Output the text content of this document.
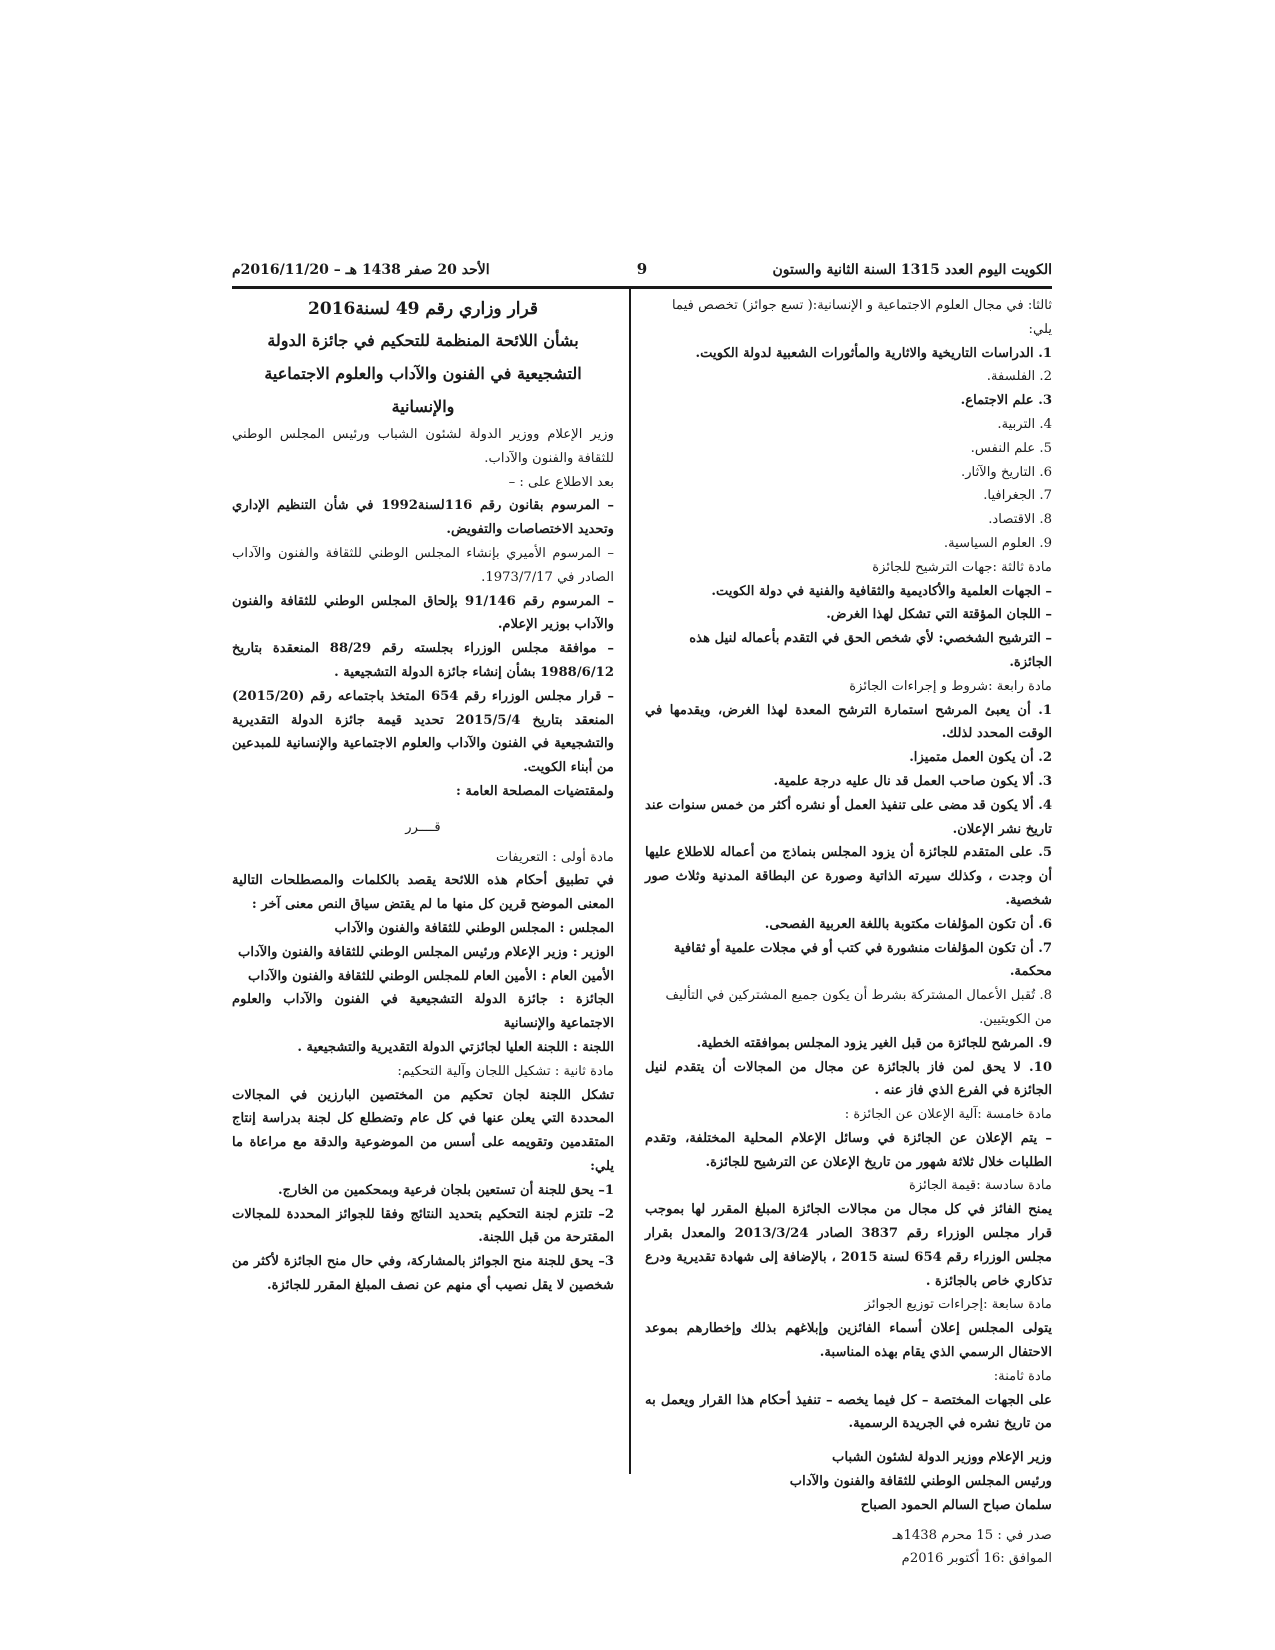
الكويت اليوم العدد 1315 السنة الثانية والستون
9
الأحد 20 صفر 1438 هـ – 2016/11/20م

ثالثا: في مجال العلوم الاجتماعية و الإنسانية:( تسع جوائز) تخصص فيما يلي:

1. الدراسات التاريخية والاثارية والمأثورات الشعبية لدولة الكويت.

2. الفلسفة.

3. علم الاجتماع.

4. التربية.

5. علم النفس.

6. التاريخ والآثار.

7. الجغرافيا.

8. الاقتصاد.

9. العلوم السياسية.

مادة ثالثة :جهات الترشيح للجائزة

– الجهات العلمية والأكاديمية والثقافية والفنية في دولة الكويت.

– اللجان المؤقتة التي تشكل لهذا الغرض.

– الترشيح الشخصي: لأي شخص الحق في التقدم بأعماله لنيل هذه الجائزة.

مادة رابعة :شروط و إجراءات الجائزة

1. أن يعبئ المرشح استمارة الترشح المعدة لهذا الغرض، ويقدمها في الوقت المحدد لذلك.

2. أن يكون العمل متميزا.

3. ألا يكون صاحب العمل قد نال عليه درجة علمية.

4. ألا يكون قد مضى على تنفيذ العمل أو نشره أكثر من خمس سنوات عند تاريخ نشر الإعلان.

5. على المتقدم للجائزة أن يزود المجلس بنماذج من أعماله للاطلاع عليها أن وجدت ، وكذلك سيرته الذاتية وصورة عن البطاقة المدنية وثلاث صور شخصية.

6. أن تكون المؤلفات مكتوبة باللغة العربية الفصحى.

7. أن تكون المؤلفات منشورة في كتب أو في مجلات علمية أو ثقافية محكمة.

8. تُقبل الأعمال المشتركة بشرط أن يكون جميع المشتركين في التأليف من الكويتيين.

9. المرشح للجائزة من قبل الغير يزود المجلس بموافقته الخطية.

10. لا يحق لمن فاز بالجائزة عن مجال من المجالات أن يتقدم لنيل الجائزة في الفرع الذي فاز عنه .

مادة خامسة :آلية الإعلان عن الجائزة :

– يتم الإعلان عن الجائزة في وسائل الإعلام المحلية المختلفة، وتقدم الطلبات خلال ثلاثة شهور من تاريخ الإعلان عن الترشيح للجائزة.

مادة سادسة :قيمة الجائزة

يمنح الفائز في كل مجال من مجالات الجائزة المبلغ المقرر لها بموجب قرار مجلس الوزراء رقم 3837 الصادر 2013/3/24 والمعدل بقرار مجلس الوزراء رقم 654 لسنة 2015 ، بالإضافة إلى شهادة تقديرية ودرع تذكاري خاص بالجائزة .

مادة سابعة :إجراءات توزيع الجوائز

يتولى المجلس إعلان أسماء الفائزين وإبلاغهم بذلك وإخطارهم بموعد الاحتفال الرسمي الذي يقام بهذه المناسبة.

مادة ثامنة:

على الجهات المختصة – كل فيما يخصه – تنفيذ أحكام هذا القرار ويعمل به من تاريخ نشره في الجريدة الرسمية.

وزير الإعلام ووزير الدولة لشئون الشباب

ورئيس المجلس الوطني للثقافة والفنون والآداب

سلمان صباح السالم الحمود الصباح

صدر في : 15 محرم 1438هـ

الموافق :16 أكتوبر 2016م

قرار وزاري رقم 49 لسنة2016
بشأن اللائحة المنظمة للتحكيم في جائزة الدولة
التشجيعية في الفنون والآداب والعلوم الاجتماعية
والإنسانية

وزير الإعلام ووزير الدولة لشئون الشباب ورئيس المجلس الوطني للثقافة والفنون والآداب.

بعد الاطلاع على : –

– المرسوم بقانون رقم 116لسنة1992 في شأن التنظيم الإداري وتحديد الاختصاصات والتفويض.

– المرسوم الأميري بإنشاء المجلس الوطني للثقافة والفنون والآداب الصادر في 1973/7/17.

– المرسوم رقم 91/146 بإلحاق المجلس الوطني للثقافة والفنون والآداب بوزير الإعلام.

– موافقة مجلس الوزراء بجلسته رقم 88/29 المنعقدة بتاريخ 1988/6/12 بشأن إنشاء جائزة الدولة التشجيعية .

– قرار مجلس الوزراء رقم 654 المتخذ باجتماعه رقم (2015/20) المنعقد بتاريخ 2015/5/4 تحديد قيمة جائزة الدولة التقديرية والتشجيعية في الفنون والآداب والعلوم الاجتماعية والإنسانية للمبدعين من أبناء الكويت.

ولمقتضيات المصلحة العامة :

قــــرر

مادة أولى : التعريفات

في تطبيق أحكام هذه اللائحة يقصد بالكلمات والمصطلحات التالية المعنى الموضح قرين كل منها ما لم يقتض سياق النص معنى آخر :

المجلس : المجلس الوطني للثقافة والفنون والآداب

الوزير : وزير الإعلام ورئيس المجلس الوطني للثقافة والفنون والآداب

الأمين العام : الأمين العام للمجلس الوطني للثقافة والفنون والآداب

الجائزة : جائزة الدولة التشجيعية في الفنون والآداب والعلوم الاجتماعية والإنسانية

اللجنة : اللجنة العليا لجائزتي الدولة التقديرية والتشجيعية .

مادة ثانية : تشكيل اللجان وآلية التحكيم:

تشكل اللجنة لجان تحكيم من المختصين البارزين في المجالات المحددة التي يعلن عنها في كل عام وتضطلع كل لجنة بدراسة إنتاج المتقدمين وتقويمه على أسس من الموضوعية والدقة مع مراعاة ما يلي:

1– يحق للجنة أن تستعين بلجان فرعية وبمحكمين من الخارج.

2– تلتزم لجنة التحكيم بتحديد النتائج وفقا للجوائز المحددة للمجالات المقترحة من قبل اللجنة.

3– يحق للجنة منح الجوائز بالمشاركة، وفي حال منح الجائزة لأكثر من شخصين لا يقل نصيب أي منهم عن نصف المبلغ المقرر للجائزة.
